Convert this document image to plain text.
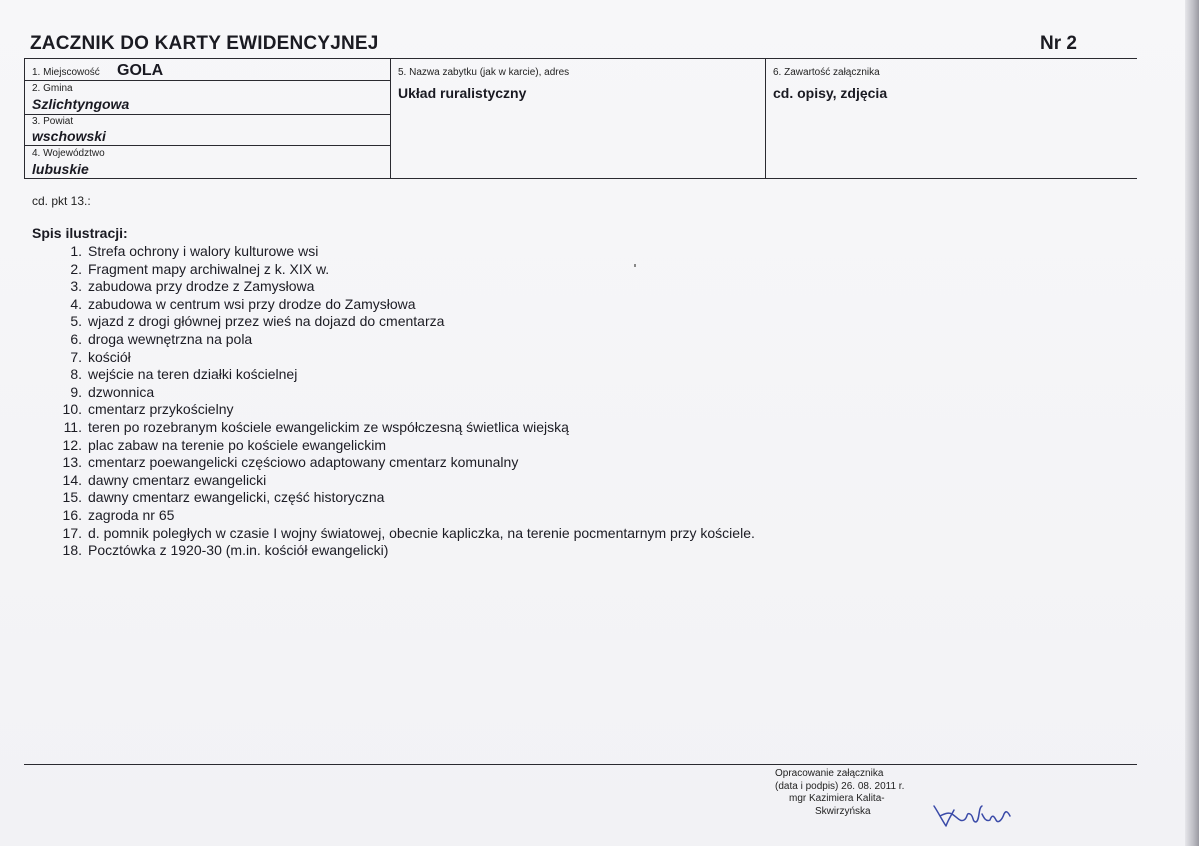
ZACZNIK DO KARTY EWIDENCYJNEJ	Nr 2
1. Miejscowość GOLA
2. Gmina
Szlichtyngowa
3. Powiat
wschowski
4. Województwo
lubuskie
5. Nazwa zabytku (jak w karcie), adres
Układ ruralistyczny
6. Zawartość załącznika
cd. opisy, zdjęcia
cd. pkt 13.:
Spis ilustracji:
1. Strefa ochrony i walory kulturowe wsi
2. Fragment mapy archiwalnej z k. XIX w.
3. zabudowa przy drodze z Zamysłowa
4. zabudowa w centrum wsi przy drodze do Zamysłowa
5. wjazd z drogi głównej przez wieś na dojazd do cmentarza
6. droga wewnętrzna na pola
7. kościół
8. wejście na teren działki kościelnej
9. dzwonnica
10. cmentarz przykościelny
11. teren po rozebranym kościele ewangelickim ze współczesną świetlica wiejską
12. plac zabaw na terenie po kościele ewangelickim
13. cmentarz poewangelicki częściowo adaptowany cmentarz komunalny
14. dawny cmentarz ewangelicki
15. dawny cmentarz ewangelicki, część historyczna
16. zagroda nr 65
17. d. pomnik poległych w czasie I wojny światowej, obecnie kapliczka, na terenie pocmentarnym przy kościele.
18. Pocztówka z 1920-30 (m.in. kościół ewangelicki)
Opracowanie załącznika
(data i podpis) 26. 08. 2011 r.
mgr Kazimiera Kalita-
Skwirzyńska
